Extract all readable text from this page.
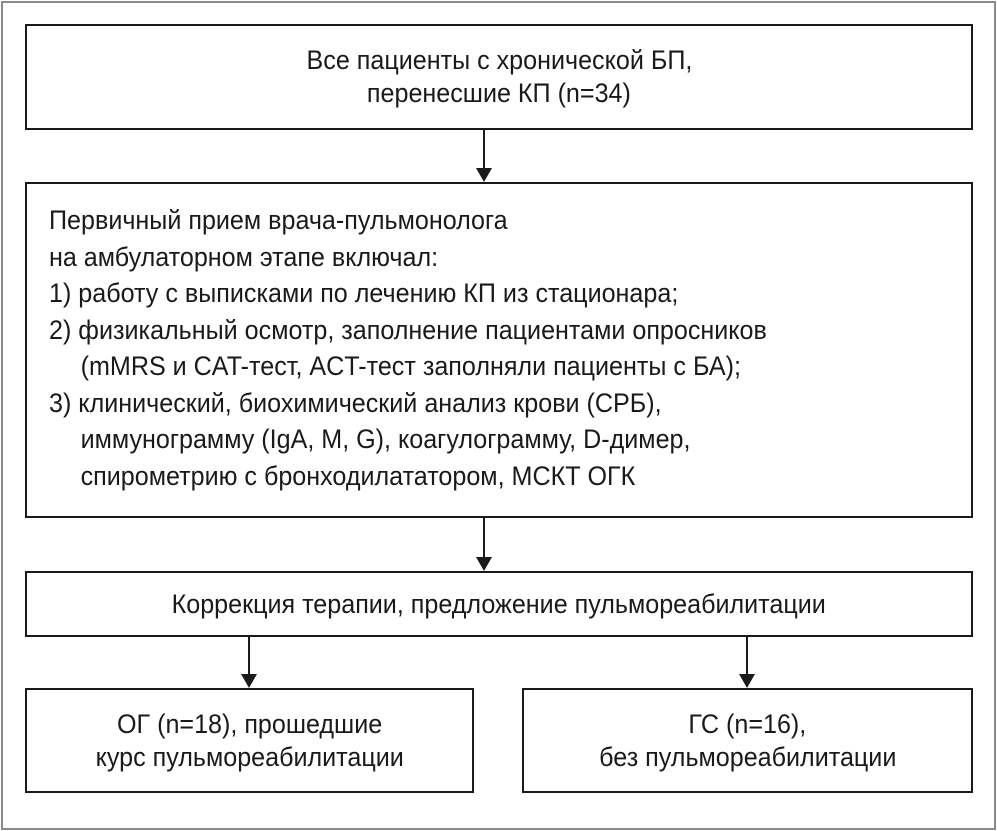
Все пациенты с хронической БП,
перенесшие КП (n=34)
Первичный прием врача-пульмонолога
на амбулаторном этапе включал:
1) работу с выписками по лечению КП из стационара;
2) физикальный осмотр, заполнение пациентами опросников
(mMRS и CAT-тест, ACT-тест заполняли пациенты с БА);
3) клинический, биохимический анализ крови (СРБ),
иммунограмму (IgA, M, G), коагулограмму, D-димер,
спирометрию с бронходилататором, МСКТ ОГК
Коррекция терапии, предложение пульмореабилитации
ОГ (n=18), прошедшие
курс пульмореабилитации
ГС (n=16),
без пульмореабилитации
